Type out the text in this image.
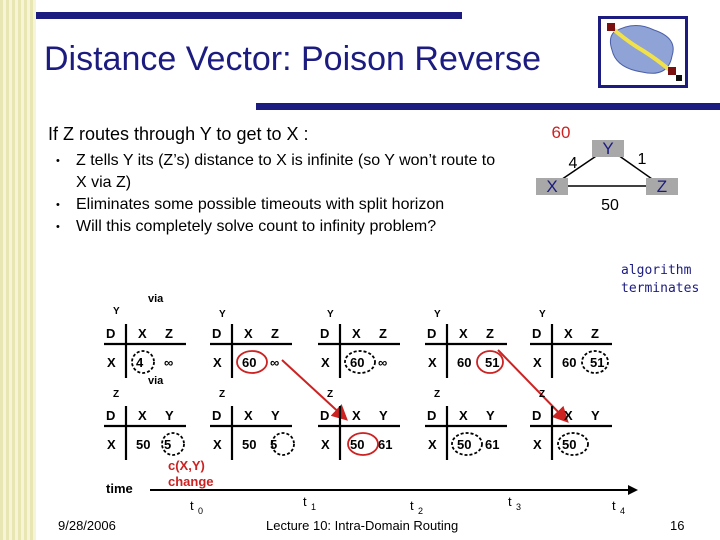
Distance Vector: Poison Reverse
If Z routes through Y to get to X :
• Z tells Y its (Z’s) distance to X is infinite (so Y won’t route to X via Z)
• Eliminates some possible timeouts with split horizon
• Will this completely solve count to infinity problem?
X
Y
Z
60
4	1
50
algorithm
terminates
D X Z
X 4 ∞
D X Y
X 50 5
D X Z
X 60 ∞
D X Y
X 50 5
D X Z
X 60 ∞
D X Y
X 50 61
D X Z
X 60 51
D X Y
X 50 61
D X Z
X 60 51
D X Y
X 50
Y
Z
Y
Z
Y
Z
Y
Z
Y
Z
via
via
time
c(X,Y)
change
t 0
t 1	t 2
t 3	t 4
9/28/2006	Lecture 10: Intra-Domain Routing	16
